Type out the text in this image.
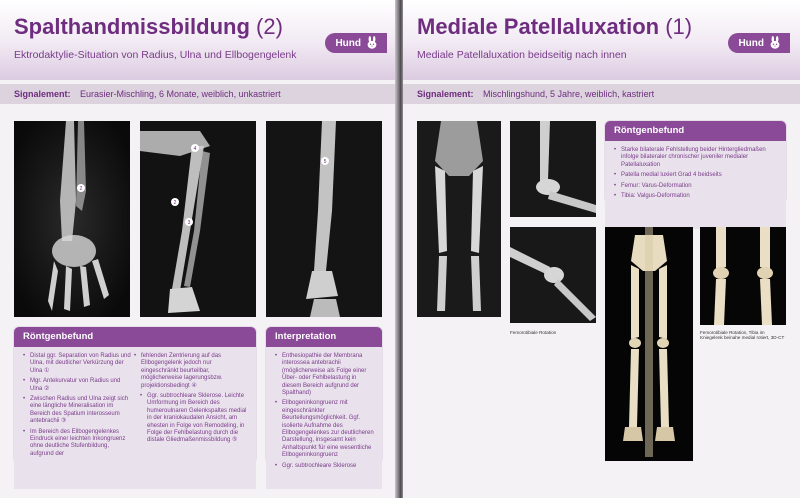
Spalthandmissbildung (2)
Ektrodaktylie-Situation von Radius, Ulna und Ellbogengelenk
Hund
Signalement: Eurasier-Mischling, 6 Monate, weiblich, unkastriert
2
4
2
3
5
Röntgenbefund
• Distal ggr. Separation von Radius und Ulna, mit deutlicher Verkürzung der Ulna ①
• Mgr. Antekurvatur von Radius und Ulna ②
• Zwischen Radius und Ulna zeigt sich eine längliche Mineralisation im Bereich des Spatium interosseum antebrachii ③
• Im Bereich des Ellbogengelenkes Eindruck einer leichten Inkongruenz ohne deutliche Stufenbildung, aufgrund der
• fehlenden Zentrierung auf das Ellbogengelenk jedoch nur eingeschränkt beurteilbar, möglicherweise lagerungsbzw. projektionsbedingt ④
• Ggr. subtrochleare Sklerose. Leichte Umformung im Bereich des humeroulnaren Gelenkspaltes medial in der kraniokaudalen Ansicht, am ehesten in Folge von Remodeling, in Folge der Fehlbelastung durch die distale Gliedmaßenmissbildung ⑤
Interpretation
• Enthesiopathie der Membrana interossea antebrachii (möglicherweise als Folge einer Über- oder Fehlbelastung in diesem Bereich aufgrund der Spalthand)
• Ellbogeninkongruenz mit eingeschränkter Beurteilungsmöglichkeit. Ggf. isolierte Aufnahme des Ellbogengelenkes zur deutlicheren Darstellung, insgesamt kein Anhaltspunkt für eine wesentliche Ellbogeninkongruenz
• Ggr. subtrochleare Sklerose
Mediale Patellaluxation (1)
Mediale Patellaluxation beidseitig nach innen
Hund
Signalement: Mischlingshund, 5 Jahre, weiblich, kastriert
Femorotibiale Rotation
Röntgenbefund
• Starke bilaterale Fehlstellung beider Hintergliedmaßen infolge bilateraler chronischer juveniler medialer Patellaluxation
• Patella medial luxiert Grad 4 beidseits
• Femur: Varus-Deformation
• Tibia: Valgus-Deformation
Femorotibiale Rotation, Tibia im Kniegelenk beinahe medial rotiert, 3D-CT
